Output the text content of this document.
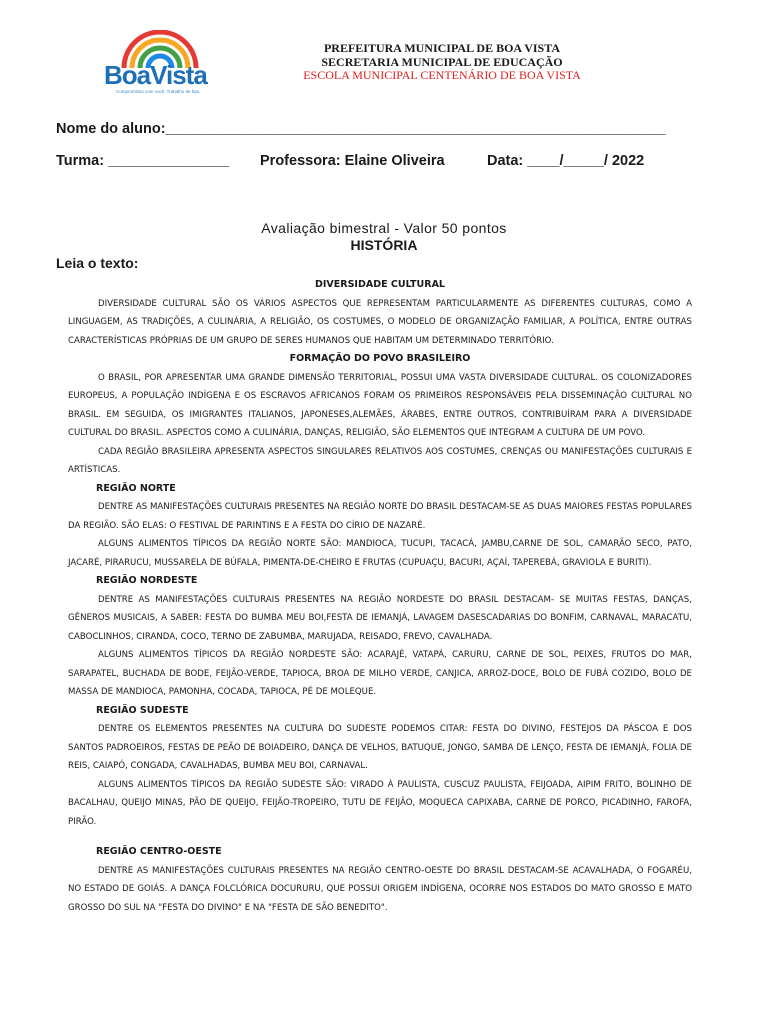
BoaVista
Compromisso com você. Trabalho de fato.
PREFEITURA MUNICIPAL DE BOA VISTA
SECRETARIA MUNICIPAL DE EDUCAÇÃO
ESCOLA MUNICIPAL CENTENÁRIO DE BOA VISTA
Nome do aluno:______________________________________________________________
Turma: _______________ Professora: Elaine Oliveira	Data: ____/_____/ 2022
Avaliação bimestral - Valor 50 pontos
HISTÓRIA
Leia o texto:

DIVERSIDADE CULTURAL

DIVERSIDADE CULTURAL SÃO OS VÁRIOS ASPECTOS QUE REPRESENTAM PARTICULARMENTE AS DIFERENTES CULTURAS, COMO A LINGUAGEM, AS TRADIÇÕES, A CULINÁRIA, A RELIGIÃO, OS COSTUMES, O MODELO DE ORGANIZAÇÃO FAMILIAR, A POLÍTICA, ENTRE OUTRAS CARACTERÍSTICAS PRÓPRIAS DE UM GRUPO DE SERES HUMANOS QUE HABITAM UM DETERMINADO TERRITÓRIO.

FORMAÇÃO DO POVO BRASILEIRO

O BRASIL, POR APRESENTAR UMA GRANDE DIMENSÃO TERRITORIAL, POSSUI UMA VASTA DIVERSIDADE CULTURAL. OS COLONIZADORES EUROPEUS, A POPULAÇÃO INDÍGENA E OS ESCRAVOS AFRICANOS FORAM OS PRIMEIROS RESPONSÁVEIS PELA DISSEMINAÇÃO CULTURAL NO BRASIL. EM SEGUIDA, OS IMIGRANTES ITALIANOS, JAPONESES,ALEMÃES, ÁRABES, ENTRE OUTROS, CONTRIBUÍRAM PARA A DIVERSIDADE CULTURAL DO BRASIL. ASPECTOS COMO A CULINÁRIA, DANÇAS, RELIGIÃO, SÃO ELEMENTOS QUE INTEGRAM A CULTURA DE UM POVO.

CADA REGIÃO BRASILEIRA APRESENTA ASPECTOS SINGULARES RELATIVOS AOS COSTUMES, CRENÇAS OU MANIFESTAÇÕES CULTURAIS E ARTÍSTICAS.

REGIÃO NORTE

DENTRE AS MANIFESTAÇÕES CULTURAIS PRESENTES NA REGIÃO NORTE DO BRASIL DESTACAM-SE AS DUAS MAIORES FESTAS POPULARES DA REGIÃO. SÃO ELAS: O FESTIVAL DE PARINTINS E A FESTA DO CÍRIO DE NAZARÉ.

ALGUNS ALIMENTOS TÍPICOS DA REGIÃO NORTE SÃO: MANDIOCA, TUCUPI, TACACÁ, JAMBU,CARNE DE SOL, CAMARÃO SECO, PATO, JACARÉ, PIRARUCU, MUSSARELA DE BÚFALA, PIMENTA-DE-CHEIRO E FRUTAS (CUPUAÇU, BACURI, AÇAÍ, TAPEREBÁ, GRAVIOLA E BURITI).

REGIÃO NORDESTE

DENTRE AS MANIFESTAÇÕES CULTURAIS PRESENTES NA REGIÃO NORDESTE DO BRASIL DESTACAM- SE MUITAS FESTAS, DANÇAS, GÊNEROS MUSICAIS, A SABER: FESTA DO BUMBA MEU BOI,FESTA DE IEMANJÁ, LAVAGEM DASESCADARIAS DO BONFIM, CARNAVAL, MARACATU, CABOCLINHOS, CIRANDA, COCO, TERNO DE ZABUMBA, MARUJADA, REISADO, FREVO, CAVALHADA.

ALGUNS ALIMENTOS TÍPICOS DA REGIÃO NORDESTE SÃO: ACARAJÉ, VATAPÁ, CARURU, CARNE DE SOL, PEIXES, FRUTOS DO MAR, SARAPATEL, BUCHADA DE BODE, FEIJÃO-VERDE, TAPIOCA, BROA DE MILHO VERDE, CANJICA, ARROZ-DOCE, BOLO DE FUBÁ COZIDO, BOLO DE MASSA DE MANDIOCA, PAMONHA, COCADA, TAPIOCA, PÉ DE MOLEQUE.

REGIÃO SUDESTE

DENTRE OS ELEMENTOS PRESENTES NA CULTURA DO SUDESTE PODEMOS CITAR: FESTA DO DIVINO, FESTEJOS DA PÁSCOA E DOS SANTOS PADROEIROS, FESTAS DE PEÃO DE BOIADEIRO, DANÇA DE VELHOS, BATUQUE, JONGO, SAMBA DE LENÇO, FESTA DE IEMANJÁ, FOLIA DE REIS, CAIAPÓ, CONGADA, CAVALHADAS, BUMBA MEU BOI, CARNAVAL.

ALGUNS ALIMENTOS TÍPICOS DA REGIÃO SUDESTE SÃO: VIRADO À PAULISTA, CUSCUZ PAULISTA, FEIJOADA, AIPIM FRITO, BOLINHO DE BACALHAU, QUEIJO MINAS, PÃO DE QUEIJO, FEIJÃO-TROPEIRO, TUTU DE FEIJÃO, MOQUECA CAPIXABA, CARNE DE PORCO, PICADINHO, FAROFA, PIRÃO.

REGIÃO CENTRO-OESTE

DENTRE AS MANIFESTAÇÕES CULTURAIS PRESENTES NA REGIÃO CENTRO-OESTE DO BRASIL DESTACAM-SE ACAVALHADA, O FOGARÉU, NO ESTADO DE GOIÁS. A DANÇA FOLCLÓRICA DOCURURU, QUE POSSUI ORIGEM INDÍGENA, OCORRE NOS ESTADOS DO MATO GROSSO E MATO GROSSO DO SUL NA "FESTA DO DIVINO" E NA "FESTA DE SÃO BENEDITO".
